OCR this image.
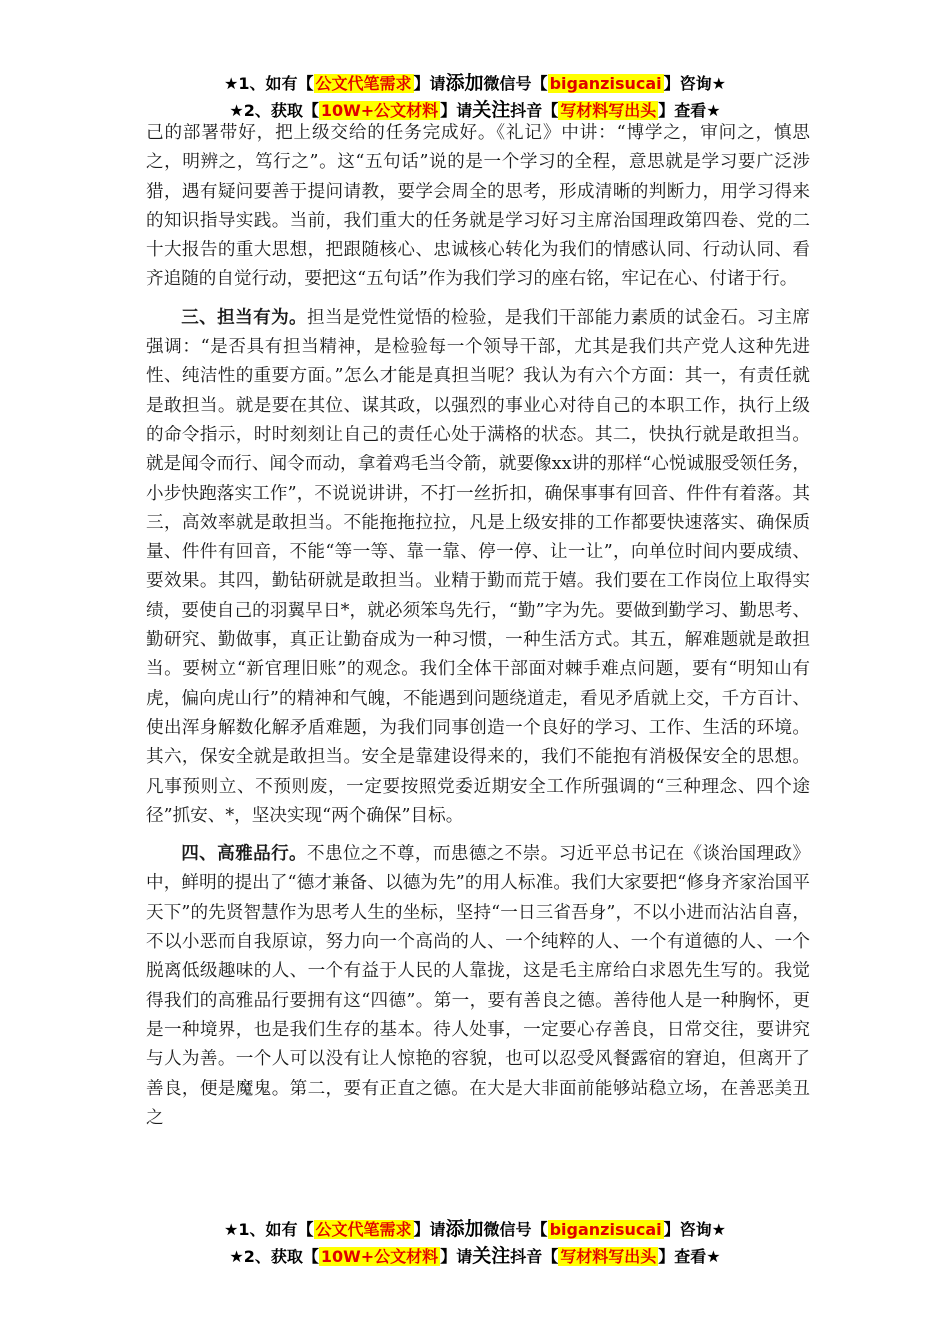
★1、如有【 公文代笔需求 】请添加微信号【 biganzisucai 】咨询★
★2、获取【 10W+公文材料 】请关注抖音【 写材料写出头 】查看★

己的部署带好，把上级交给的任务完成好。《礼记》中讲：“博学之，审问之，慎思之，明辨之，笃行之”。这“五句话”说的是一个学习的全程，意思就是学习要广泛涉猎，遇有疑问要善于提问请教，要学会周全的思考，形成清晰的判断力，用学习得来的知识指导实践。当前，我们重大的任务就是学习好习主席治国理政第四卷、党的二十大报告的重大思想，把跟随核心、忠诚核心转化为我们的情感认同、行动认同、看齐追随的自觉行动，要把这“五句话”作为我们学习的座右铭，牢记在心、付诸于行。

三、担当有为。担当是党性觉悟的检验，是我们干部能力素质的试金石。习主席强调：“是否具有担当精神，是检验每一个领导干部，尤其是我们共产党人这种先进性、纯洁性的重要方面。”怎么才能是真担当呢？我认为有六个方面：其一，有责任就是敢担当。就是要在其位、谋其政，以强烈的事业心对待自己的本职工作，执行上级的命令指示，时时刻刻让自己的责任心处于满格的状态。其二，快执行就是敢担当。就是闻令而行、闻令而动，拿着鸡毛当令箭，就要像xx讲的那样“心悦诚服受领任务，小步快跑落实工作”，不说说讲讲，不打一丝折扣，确保事事有回音、件件有着落。其三，高效率就是敢担当。不能拖拖拉拉，凡是上级安排的工作都要快速落实、确保质量、件件有回音，不能“等一等、靠一靠、停一停、让一让”，向单位时间内要成绩、要效果。其四，勤钻研就是敢担当。业精于勤而荒于嬉。我们要在工作岗位上取得实绩，要使自己的羽翼早日*，就必须笨鸟先行，“勤”字为先。要做到勤学习、勤思考、勤研究、勤做事，真正让勤奋成为一种习惯，一种生活方式。其五，解难题就是敢担当。要树立“新官理旧账”的观念。我们全体干部面对棘手难点问题，要有“明知山有虎，偏向虎山行”的精神和气魄，不能遇到问题绕道走，看见矛盾就上交，千方百计、使出浑身解数化解矛盾难题，为我们同事创造一个良好的学习、工作、生活的环境。其六，保安全就是敢担当。安全是靠建设得来的，我们不能抱有消极保安全的思想。凡事预则立、不预则废，一定要按照党委近期安全工作所强调的“三种理念、四个途径”抓安、*，坚决实现“两个确保”目标。

四、高雅品行。不患位之不尊，而患德之不崇。习近平总书记在《谈治国理政》中，鲜明的提出了“德才兼备、以德为先”的用人标准。我们大家要把“修身齐家治国平天下”的先贤智慧作为思考人生的坐标，坚持“一日三省吾身”，不以小进而沾沾自喜，不以小恶而自我原谅，努力向一个高尚的人、一个纯粹的人、一个有道德的人、一个脱离低级趣味的人、一个有益于人民的人靠拢，这是毛主席给白求恩先生写的。我觉得我们的高雅品行要拥有这“四德”。第一，要有善良之德。善待他人是一种胸怀，更是一种境界，也是我们生存的基本。待人处事，一定要心存善良，日常交往，要讲究与人为善。一个人可以没有让人惊艳的容貌，也可以忍受风餐露宿的窘迫，但离开了善良，便是魔鬼。第二，要有正直之德。在大是大非面前能够站稳立场，在善恶美丑之

★1、如有【 公文代笔需求 】请添加微信号【 biganzisucai 】咨询★
★2、获取【 10W+公文材料 】请关注抖音【 写材料写出头 】查看★
